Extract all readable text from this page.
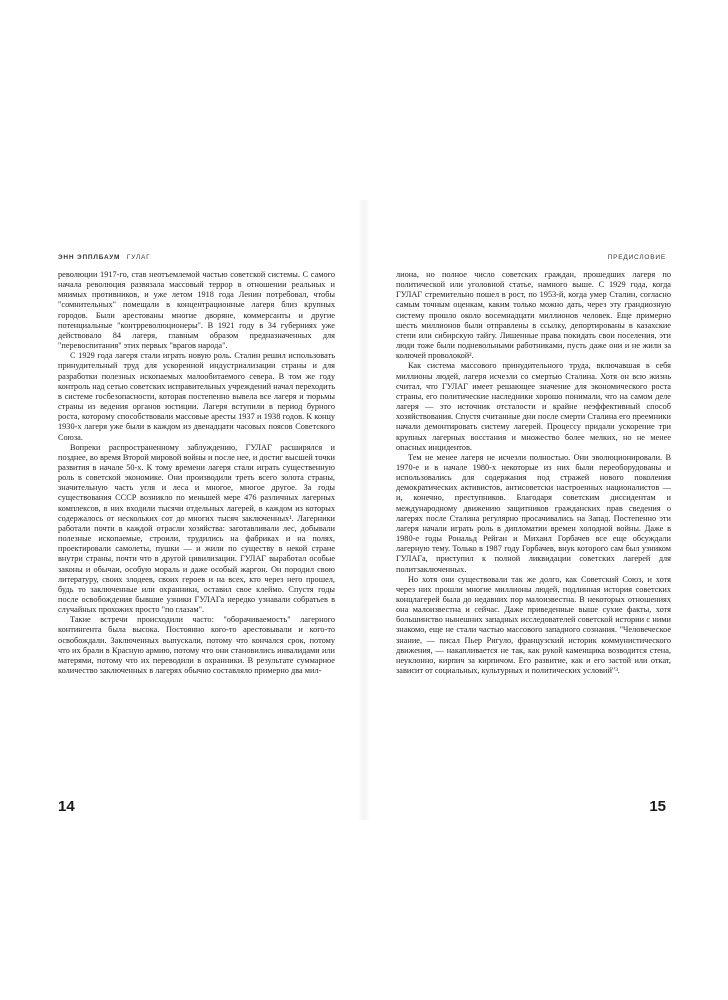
ЭНН ЭППЛБАУМ ГУЛАГ

революции 1917-го, став неотъемлемой частью советской системы. С самого начала революция развязала массовый террор в отношении реальных и мнимых противников, и уже летом 1918 года Ленин потребовал, чтобы "сомнительных" помещали в концентрационные лагеря близ крупных городов. Были арестованы многие дворяне, коммерсанты и другие потенциальные "контрреволюционеры". В 1921 году в 34 губерниях уже действовало 84 лагеря, главным образом предназначенных для "перевоспитания" этих первых "врагов народа".

С 1929 года лагеря стали играть новую роль. Сталин решил использовать принудительный труд для ускоренной индустриализации страны и для разработки полезных ископаемых малообитаемого севера. В том же году контроль над сетью советских исправительных учреждений начал переходить в системе госбезопасности, которая постепенно вывела все лагеря и тюрьмы страны из ведения органов юстиции. Лагеря вступили в период бурного роста, которому способствовали массовые аресты 1937 и 1938 годов. К концу 1930-х лагеря уже были в каждом из двенадцати часовых поясов Советского Союза.

Вопреки распространенному заблуждению, ГУЛАГ расширялся и позднее, во время Второй мировой войны и после нее, и достиг высшей точки развития в начале 50-х. К тому времени лагеря стали играть существенную роль в советской экономике. Они производили треть всего золота страны, значительную часть угля и леса и многое, многое другое. За годы существования СССР возникло по меньшей мере 476 различных лагерных комплексов, в них входили тысячи отдельных лагерей, в каждом из которых содержалось от нескольких сот до многих тысяч заключенных¹. Лагерники работали почти в каждой отрасли хозяйства: заготавливали лес, добывали полезные ископаемые, строили, трудились на фабриках и на полях, проектировали самолеты, пушки — и жили по существу в некой стране внутри страны, почти что в другой цивилизации. ГУЛАГ выработал особые законы и обычаи, особую мораль и даже особый жаргон. Он породил свою литературу, своих злодеев, своих героев и на всех, кто через него прошел, будь то заключенные или охранники, оставил свое клеймо. Спустя годы после освобождения бывшие узники ГУЛАГа нередко узнавали собратьев в случайных прохожих просто "по глазам".

Такие встречи происходили часто: "оборачиваемость" лагерного контингента была высока. Постоянно кого-то арестовывали и кого-то освобождали. Заключенных выпускали, потому что кончался срок, потому что их брали в Красную армию, потому что они становились инвалидами или матерями, потому что их переводили в охранники. В результате суммарное количество заключенных в лагерях обычно составляло примерно два мил-

14
ПРЕДИСЛОВИЕ

лиона, но полное число советских граждан, прошедших лагеря по политической или уголовной статье, намного выше. С 1929 года, когда ГУЛАГ стремительно пошел в рост, по 1953-й, когда умер Сталин, согласно самым точным оценкам, каким только можно дать, через эту грандиозную систему прошло около восемнадцати миллионов человек. Еще примерно шесть миллионов были отправлены в ссылку, депортированы в казахские степи или сибирскую тайгу. Лишенные права покидать свои поселения, эти люди тоже были подневольными работниками, пусть даже они и не жили за колючей проволокой².

Как система массового принудительного труда, включавшая в себя миллионы людей, лагеря исчезли со смертью Сталина. Хотя он всю жизнь считал, что ГУЛАГ имеет решающее значение для экономического роста страны, его политические наследники хорошо понимали, что на самом деле лагеря — это источник отсталости и крайне неэффективный способ хозяйствования. Спустя считанные дни после смерти Сталина его преемники начали демонтировать систему лагерей. Процессу придали ускорение три крупных лагерных восстания и множество более мелких, но не менее опасных инцидентов.

Тем не менее лагеря не исчезли полностью. Они эволюционировали. В 1970-е и в начале 1980-х некоторые из них были переоборудованы и использовались для содержания под стражей нового поколения демократических активистов, антисоветски настроенных националистов — и, конечно, преступников. Благодаря советским диссидентам и международному движению защитников гражданских прав сведения о лагерях после Сталина регулярно просачивались на Запад. Постепенно эти лагеря начали играть роль в дипломатии времен холодной войны. Даже в 1980-е годы Рональд Рейган и Михаил Горбачев все еще обсуждали лагерную тему. Только в 1987 году Горбачев, внук которого сам был узником ГУЛАГа, приступил к полной ликвидации советских лагерей для политзаключенных.

Но хотя они существовали так же долго, как Советский Союз, и хотя через них прошли многие миллионы людей, подлинная история советских концлагерей была до недавних пор малоизвестна. В некоторых отношениях она малоизвестна и сейчас. Даже приведенные выше сухие факты, хотя большинство нынешних западных исследователей советской истории с ними знакомо, еще не стали частью массового западного сознания. "Человеческое знание, — писал Пьер Ригуло, французский историк коммунистического движения, — накапливается не так, как рукой каменщика возводится стена, неуклонно, кирпич за кирпичом. Его развитие, как и его застой или откат, зависит от социальных, культурных и политических условий"³.

15
